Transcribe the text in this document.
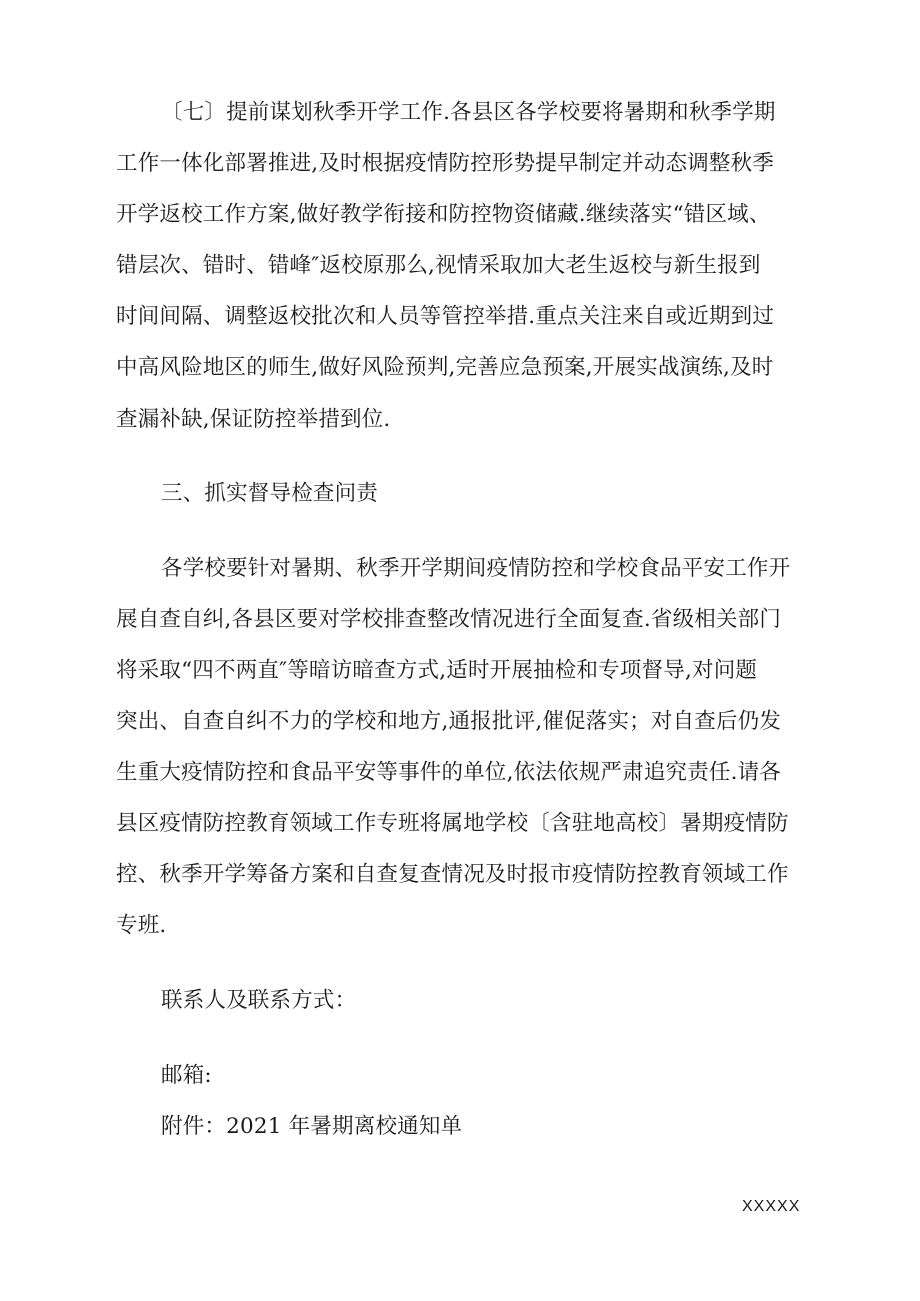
〔七〕提前谋划秋季开学工作.各县区各学校要将暑期和秋季学期
工作一体化部署推进,及时根据疫情防控形势提早制定并动态调整秋季
开学返校工作方案,做好教学衔接和防控物资储藏.继续落实“错区域、
错层次、错时、错峰″返校原那么,视情采取加大老生返校与新生报到
时间间隔、调整返校批次和人员等管控举措.重点关注来自或近期到过
中高风险地区的师生,做好风险预判,完善应急预案,开展实战演练,及时
查漏补缺,保证防控举措到位.
三、抓实督导检查问责
各学校要针对暑期、秋季开学期间疫情防控和学校食品平安工作开
展自查自纠,各县区要对学校排查整改情况进行全面复查.省级相关部门
将采取“四不两直″等暗访暗查方式,适时开展抽检和专项督导,对问题
突出、自查自纠不力的学校和地方,通报批评,催促落实；对自查后仍发
生重大疫情防控和食品平安等事件的单位,依法依规严肃追究责任.请各
县区疫情防控教育领域工作专班将属地学校〔含驻地高校〕暑期疫情防
控、秋季开学筹备方案和自查复查情况及时报市疫情防控教育领域工作
专班.
联系人及联系方式：
邮箱:
附件：2021 年暑期离校通知单
XXXXX
